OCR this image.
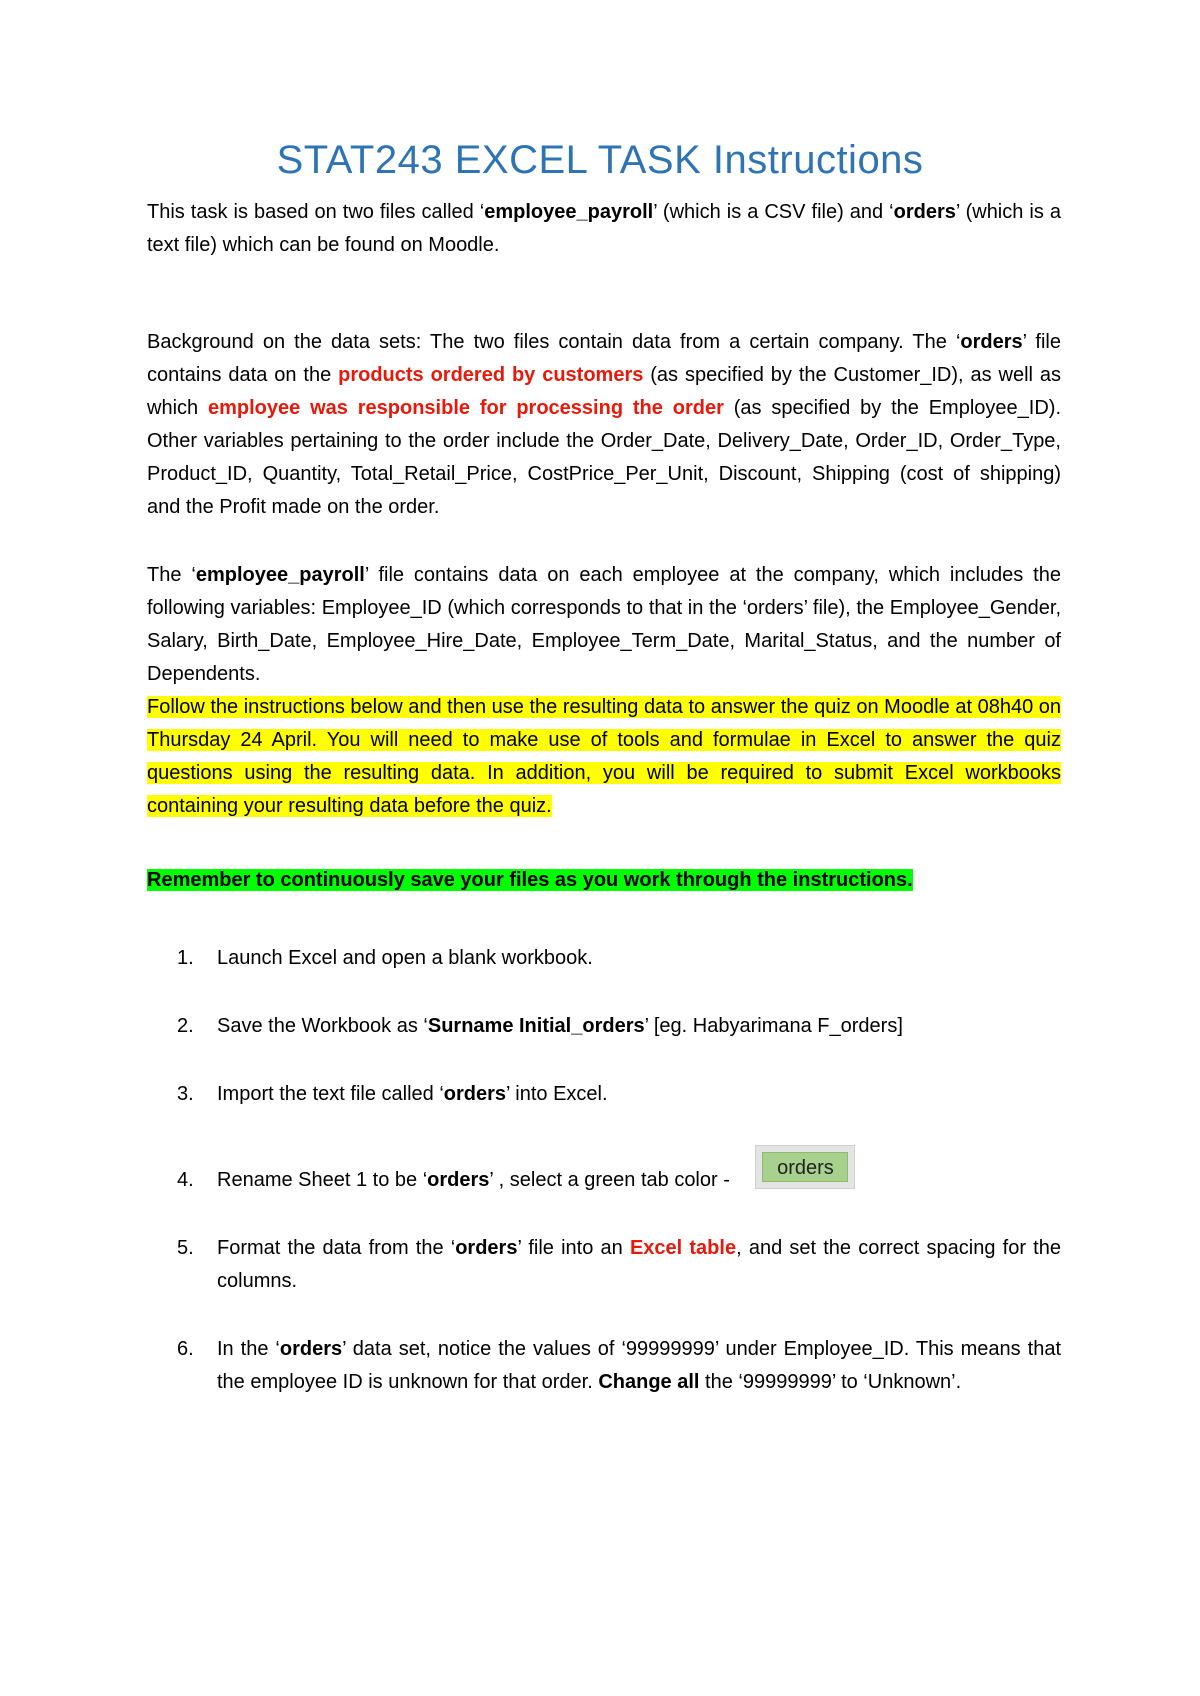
STAT243 EXCEL TASK Instructions

This task is based on two files called ‘employee_payroll’ (which is a CSV file) and ‘orders’ (which is a text file) which can be found on Moodle.

Background on the data sets: The two files contain data from a certain company. The ‘orders’ file contains data on the products ordered by customers (as specified by the Customer_ID), as well as which employee was responsible for processing the order (as specified by the Employee_ID). Other variables pertaining to the order include the Order_Date, Delivery_Date, Order_ID, Order_Type, Product_ID, Quantity, Total_Retail_Price, CostPrice_Per_Unit, Discount, Shipping (cost of shipping) and the Profit made on the order.

The ‘employee_payroll’ file contains data on each employee at the company, which includes the following variables: Employee_ID (which corresponds to that in the ‘orders’ file), the Employee_Gender, Salary, Birth_Date, Employee_Hire_Date, Employee_Term_Date, Marital_Status, and the number of Dependents.

Follow the instructions below and then use the resulting data to answer the quiz on Moodle at 08h40 on Thursday 24 April. You will need to make use of tools and formulae in Excel to answer the quiz questions using the resulting data. In addition, you will be required to submit Excel workbooks containing your resulting data before the quiz.

Remember to continuously save your files as you work through the instructions.

1. Launch Excel and open a blank workbook.
2. Save the Workbook as ‘Surname Initial_orders’ [eg. Habyarimana F_orders]
3. Import the text file called ‘orders’ into Excel.
4. Rename Sheet 1 to be ‘orders’ , select a green tab color -
orders
5. Format the data from the ‘orders’ file into an Excel table, and set the correct spacing for the columns.
6. In the ‘orders’ data set, notice the values of ‘99999999’ under Employee_ID. This means that the employee ID is unknown for that order. Change all the ‘99999999’ to ‘Unknown’.
